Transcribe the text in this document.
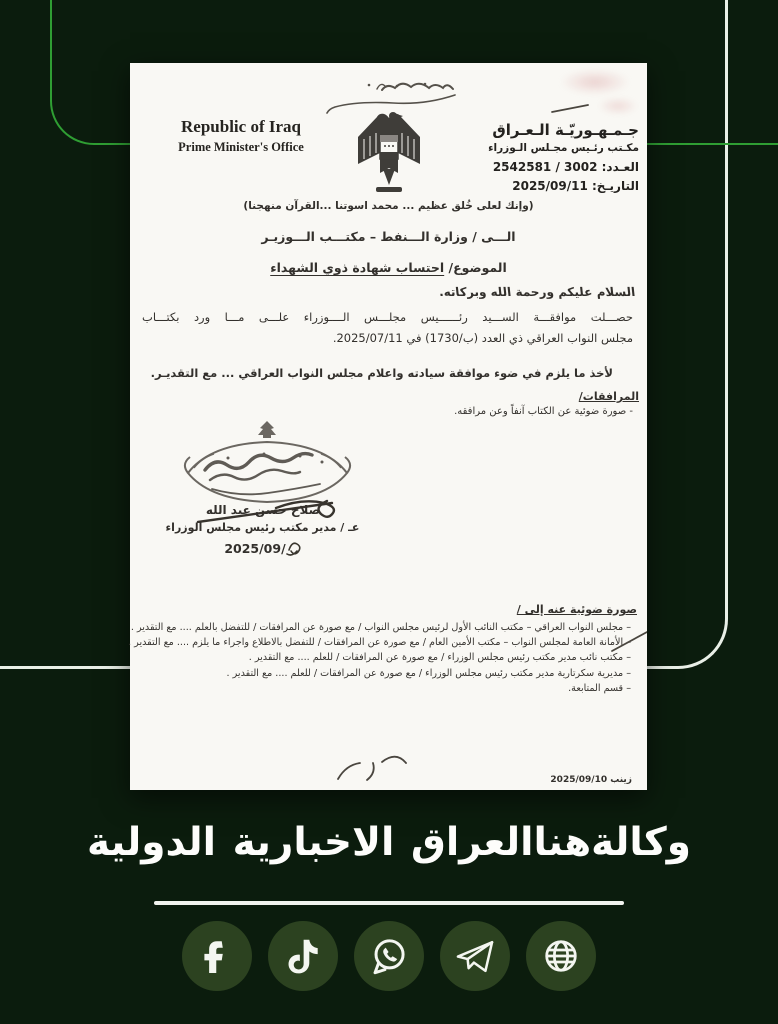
Republic of Iraq
Prime Minister's Office
جـمـهـوريّـة الـعـراق
مكـتب رئـيس مجـلس الـوزراء
العـدد: 2542581 / 3002
التاريـخ: 2025/09/11
(وإنك لعلى خُلق عظيم ... محمد اسوتنا ...القرآن منهجنا)
الـــى / وزارة الـــنفط – مكتـــب الـــوزيـر
الموضوع/ احتساب شهادة ذوي الشهداء
السلام عليكم ورحمة الله وبركاته.
حصـــلت موافقـــة الســـيد رئــــــيس مجلـــس الــــوزراء علـــى مـــا ورد بكتـــاب
مجلس النواب العراقي ذي العدد (1730/ب) في 2025/07/11.
لأخذ ما يلزم في ضوء موافقة سيادته واعلام مجلس النواب العراقي ... مع التقديـر.
المرافقات/
- صورة ضوئية عن الكتاب آنفاً وعن مرافقه.
صلاح حسن عبد الله
عـ / مدير مكتب رئيس مجلس الوزراء
2025/09/
صورة ضوئية عنه إلى /
– مجلس النواب العراقي – مكتب النائب الأول لرئيس مجلس النواب / مع صورة عن المرافقات / للتفضل بالعلم .... مع التقدير .
– الأمانة العامة لمجلس النواب – مكتب الأمين العام / مع صورة عن المرافقات / للتفضل بالاطلاع واجراء ما يلزم .... مع التقدير .
– مكتب نائب مدير مكتب رئيس مجلس الوزراء / مع صورة عن المرافقات / للعلم .... مع التقدير .
– مديرية سكرتارية مدير مكتب رئيس مجلس الوزراء / مع صورة عن المرافقات / للعلم .... مع التقدير .
– قسم المتابعة.
زينب 2025/09/10
وكالةهناالعراق الاخبارية الدولية
